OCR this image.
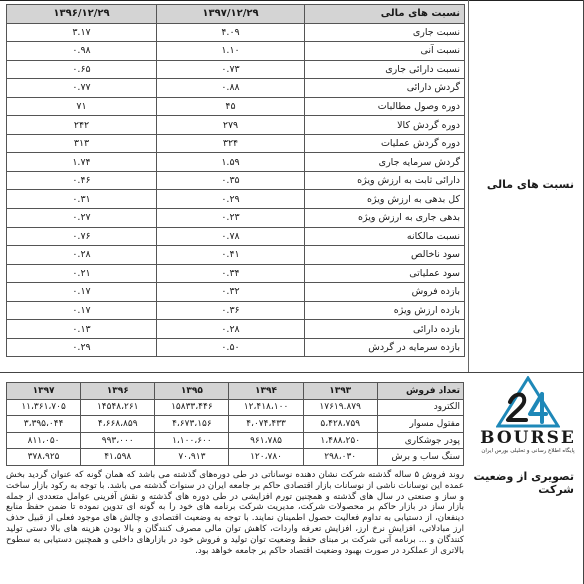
۱۳۹۶/۱۲/۲۹	۱۳۹۷/۱۲/۲۹	نسبت های مالی
۳.۱۷	۴.۰۹	نسبت جاری
۰.۹۸	۱.۱۰	نسبت آنی
۰.۶۵	۰.۷۳	نسبت دارائی جاری
۰.۷۷	۰.۸۸	گردش دارائی
۷۱	۴۵	دوره وصول مطالبات
۲۴۲	۲۷۹	دوره گردش کالا
۳۱۳	۳۲۴	دوره گردش عملیات
۱.۷۴	۱.۵۹	گردش سرمایه جاری
۰.۴۶	۰.۳۵	دارائی ثابت به ارزش ویژه
۰.۳۱	۰.۲۹	کل بدهی به ارزش ویژه
۰.۲۷	۰.۲۳	بدهی جاری به ارزش ویژه
۰.۷۶	۰.۷۸	نسبت مالکانه
۰.۲۸	۰.۴۱	سود ناخالص
۰.۲۱	۰.۳۴	سود عملیاتی
۰.۱۷	۰.۳۲	بازده فروش
۰.۱۷	۰.۳۶	بازده ارزش ویژه
۰.۱۳	۰.۲۸	بازده دارائی
۰.۲۹	۰.۵۰	بازده سرمایه در گردش
نسبت های مالی
۱۳۹۷	۱۳۹۶	۱۳۹۵	۱۳۹۴	۱۳۹۳	تعداد فروش
۱۱،۳۶۱،۷۰۵	۱۴۵۴۸،۲۶۱	۱۵۸۳۳،۴۴۶	۱۲،۴۱۸،۱۰۰	۱۷۶۱۹.۸۷۹	الکترود
۳،۳۹۵،۰۴۴	۴،۶۶۸،۸۵۹	۴،۶۷۳،۱۵۶	۴،۰۷۴،۴۳۳	۵،۴۲۸،۷۵۹	مفتول مسوار
۸۱۱،۰۵۰	۹۹۳،۰۰۰	۱،۱۰۰،۶۰۰	۹۶۱،۷۸۵	۱،۴۸۸،۲۵۰	پودر جوشکاری
۳۷۸،۹۲۵	۴۱،۵۹۸	۷۰،۹۱۳	۱۲۰،۷۸۰	۲۹۸،۰۳۰	سنگ ساب و برش
BOURSE
پایگاه اطلاع رسانی و تحلیلی بورس ایران
تصویری از وضعیت شرکت
روند فروش ۵ ساله گذشته شرکت نشان دهنده نوساناتی در طی دوره‌های گذشته می باشد که همان گونه که عنوان گردید بخش عمده این نوسانات ناشی از نوسانات بازار اقتصادی حاکم بر جامعه ایران در سنوات گذشته می باشد. با توجه به رکود بازار ساخت و ساز و صنعتی در سال های گذشته و همچنین تورم افزایشی در طی دوره های گذشته و نقش آفرینی عوامل متعددی از جمله بازار ساز در بازار حاکم بر محصولات شرکت، مدیریت شرکت برنامه های خود را به گونه ای تدوین نموده تا ضمن حفظ منابع دینفعان، از دستیابی به تداوم فعالیت حصول اطمینان نمایند. با توجه به وضعیت اقتصادی و چالش های موجود فعلی از قبیل حذف ارز مبادلاتی، افزایش نرخ ارز، افزایش تعرفه واردات، کاهش توان مالی مصرف کنندگان و بالا بودن هزینه های بالا دستی تولید کنندگان و ... برنامه آتی شرکت بر مبنای حفظ وضعیت توان تولید و فروش خود در بازارهای داخلی و همچنین دستیابی به سطوح بالاتری از عملکرد در صورت بهبود وضعیت اقتصاد حاکم بر جامعه خواهد بود.
